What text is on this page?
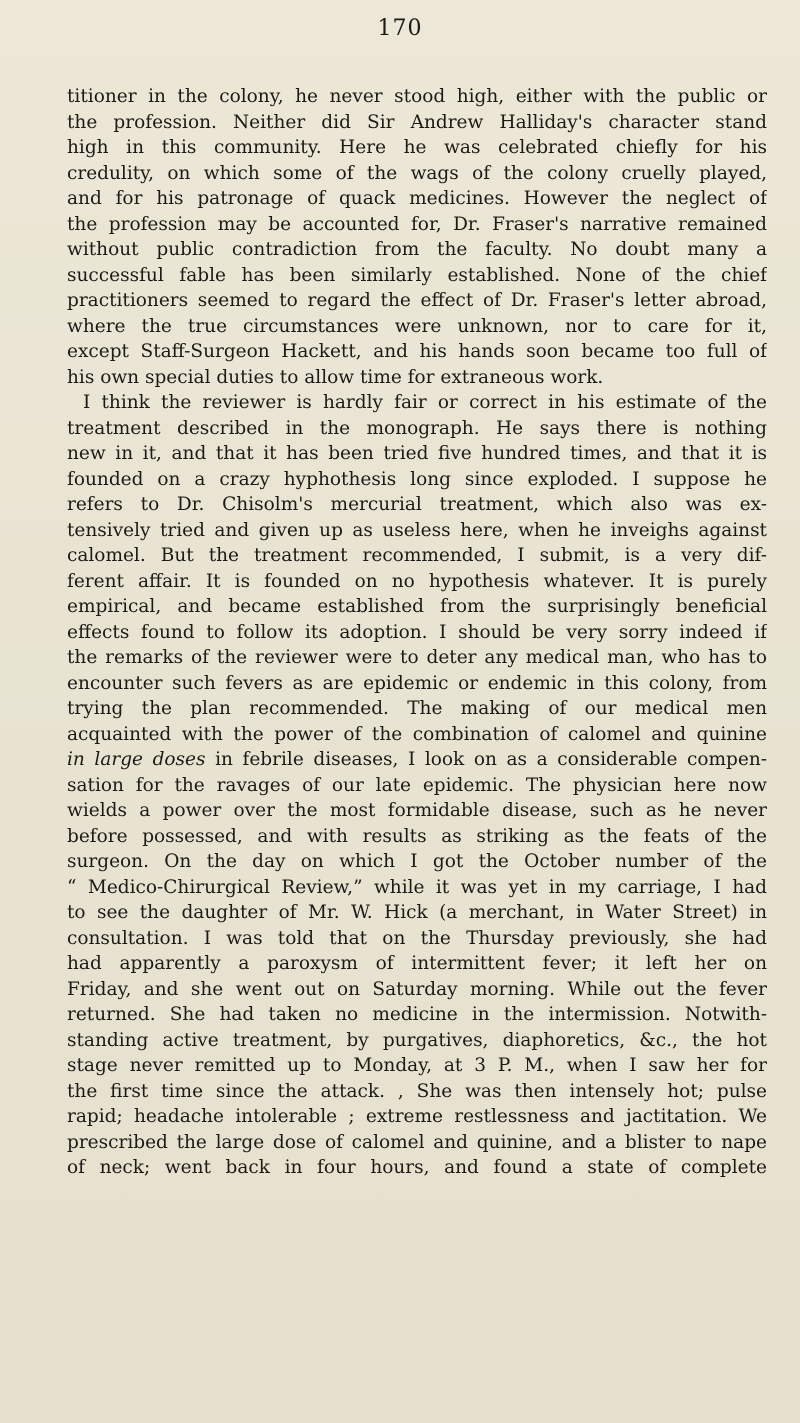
170
titioner in the colony, he never stood high, either with the public or
the profession. Neither did Sir Andrew Halliday's character stand
high in this community. Here he was celebrated chiefly for his
credulity, on which some of the wags of the colony cruelly played,
and for his patronage of quack medicines. However the neglect of
the profession may be accounted for, Dr. Fraser's narrative remained
without public contradiction from the faculty. No doubt many a
successful fable has been similarly established. None of the chief
practitioners seemed to regard the effect of Dr. Fraser's letter abroad,
where the true circumstances were unknown, nor to care for it,
except Staff-Surgeon Hackett, and his hands soon became too full of
his own special duties to allow time for extraneous work.
I think the reviewer is hardly fair or correct in his estimate of the
treatment described in the monograph. He says there is nothing
new in it, and that it has been tried five hundred times, and that it is
founded on a crazy hyphothesis long since exploded. I suppose he
refers to Dr. Chisolm's mercurial treatment, which also was ex-
tensively tried and given up as useless here, when he inveighs against
calomel. But the treatment recommended, I submit, is a very dif-
ferent affair. It is founded on no hypothesis whatever. It is purely
empirical, and became established from the surprisingly beneficial
effects found to follow its adoption. I should be very sorry indeed if
the remarks of the reviewer were to deter any medical man, who has to
encounter such fevers as are epidemic or endemic in this colony, from
trying the plan recommended. The making of our medical men
acquainted with the power of the combination of calomel and quinine
in large doses in febrile diseases, I look on as a considerable compen-
sation for the ravages of our late epidemic. The physician here now
wields a power over the most formidable disease, such as he never
before possessed, and with results as striking as the feats of the
surgeon. On the day on which I got the October number of the
“ Medico-Chirurgical Review,” while it was yet in my carriage, I had
to see the daughter of Mr. W. Hick (a merchant, in Water Street) in
consultation. I was told that on the Thursday previously, she had
had apparently a paroxysm of intermittent fever; it left her on
Friday, and she went out on Saturday morning. While out the fever
returned. She had taken no medicine in the intermission. Notwith-
standing active treatment, by purgatives, diaphoretics, &c., the hot
stage never remitted up to Monday, at 3 P. M., when I saw her for
the first time since the attack. , She was then intensely hot; pulse
rapid; headache intolerable ; extreme restlessness and jactitation. We
prescribed the large dose of calomel and quinine, and a blister to nape
of neck; went back in four hours, and found a state of complete
